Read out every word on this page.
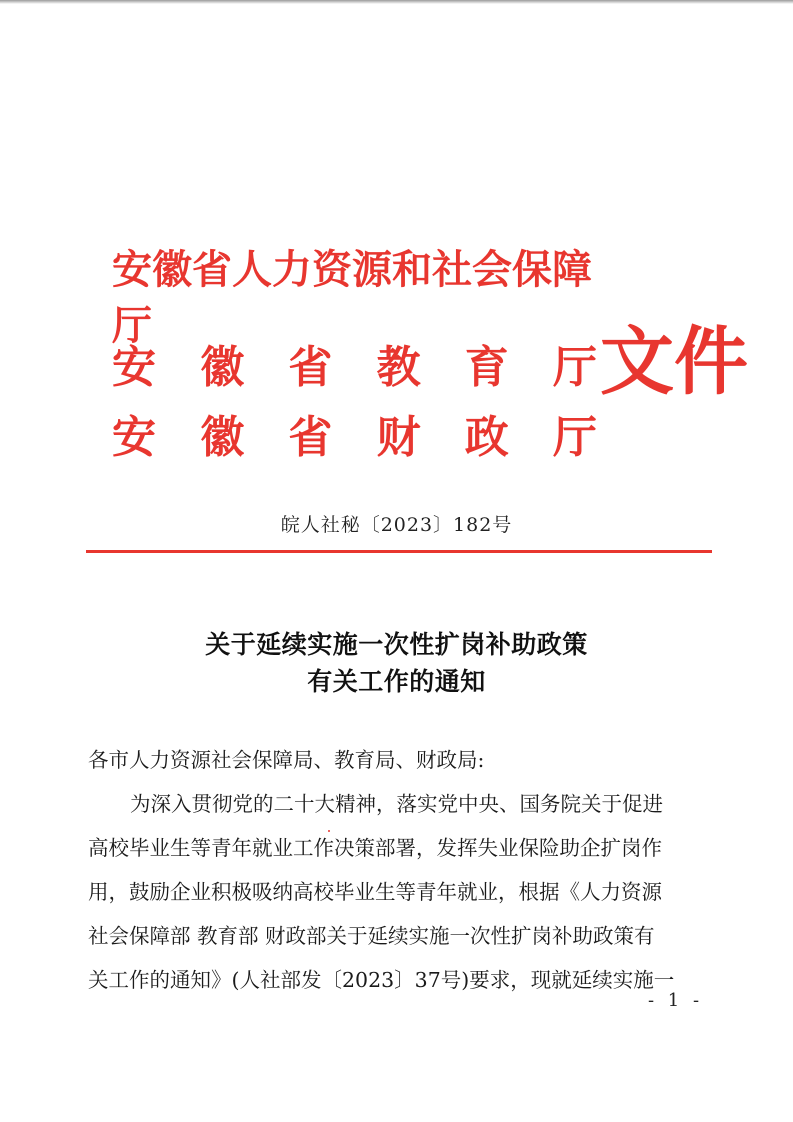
安徽省人力资源和社会保障厅
安 徽 省 教 育 厅
安 徽 省 财 政 厅
文件
皖人社秘〔2023〕182号
关于延续实施一次性扩岗补助政策
有关工作的通知
各市人力资源社会保障局、教育局、财政局:
为深入贯彻党的二十大精神，落实党中央、国务院关于促进
高校毕业生等青年就业工作决策部署，发挥失业保险助企扩岗作
用，鼓励企业积极吸纳高校毕业生等青年就业，根据《人力资源
社会保障部 教育部 财政部关于延续实施一次性扩岗补助政策有
关工作的通知》(人社部发〔2023〕37号)要求，现就延续实施一
- 1 -
